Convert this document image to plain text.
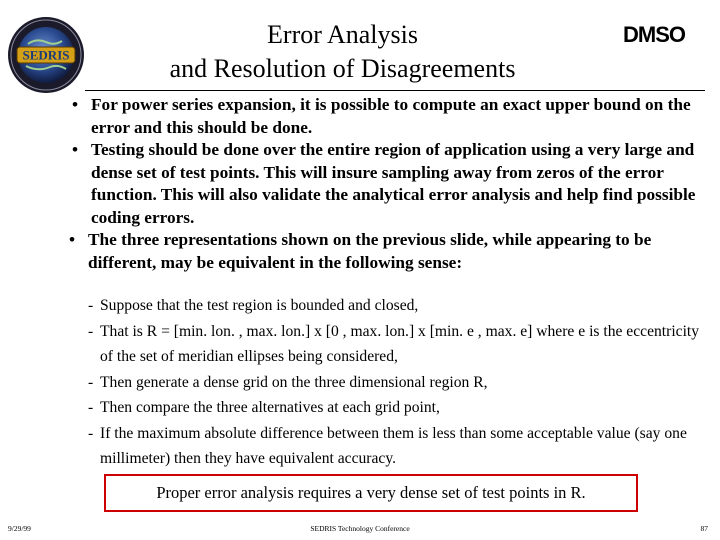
SEDRIS
DMSO
Error Analysis
and Resolution of Disagreements
• For power series expansion, it is possible to compute an exact upper bound on the error and this should be done.
• Testing should be done over the entire region of application using a very large and dense set of test points. This will insure sampling away from zeros of the error function. This will also validate the analytical error analysis and help find possible coding errors.
• The three representations shown on the previous slide, while appearing to be different, may be equivalent in the following sense:
- Suppose that the test region is bounded and closed,
- That is R = [min. lon. , max. lon.] x [0 , max. lon.] x [min. e , max. e] where e is the eccentricity of the set of meridian ellipses being considered,
- Then generate a dense grid on the three dimensional region R,
- Then compare the three alternatives at each grid point,
- If the maximum absolute difference between them is less than some acceptable value (say one millimeter) then they have equivalent accuracy.
Proper error analysis requires a very dense set of test points in R.
9/29/99	SEDRIS Technology Conference	87
